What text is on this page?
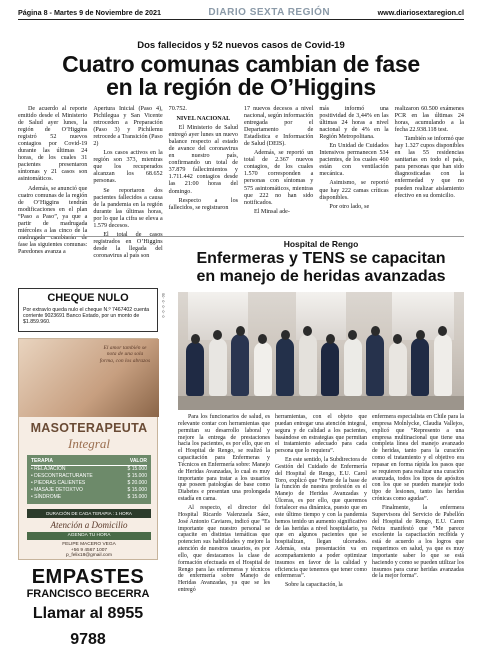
Página 8 - Martes 9 de Noviembre de 2021	DIARIO SEXTA REGIÓN	www.diariosextaregion.cl
Dos fallecidos y 52 nuevos casos de Covid-19
Cuatro comunas cambian de fase
en la región de O’Higgins

De acuerdo al reporte emitido desde el Ministerio de Salud ayer lunes, la región de O’Higgins registró 52 nuevos contagios por Covid-19 durante las últimas 24 horas, de los cuales 31 pacientes presentaron síntomas y 21 casos son asintomáticos.

Además, se anunció que cuatro comunas de la región de O’Higgins tendrán modificaciones en el plan “Paso a Paso”, ya que a partir de madrugada miércoles a las cinco de la madrugada cambiarán de fase las siguientes comunas: Paredones avanza a

Apertura Inicial (Paso 4), Pichilegua y San Vicente retroceden a Preparación (Paso 3) y Pichilemu retrocede a Transición (Paso 2)

Los casos activos en la región son 373, mientras que los recuperados alcanzan los 68.652 personas.

Se reportaron dos pacientes fallecidos a causa de la pandemia en la región durante las últimas horas, por lo que la cifra se eleva a 1.579 decesos.

El total de casos registrados en O’Higgins desde la llegada del coronavirus al país son

70.752.

NIVEL NACIONAL

El Ministerio de Salud entregó ayer lunes un nuevo balance respecto al estado de avance del coronavirus en nuestro país, confirmando un total de 37.879 fallecimientos y 1.711.442 contagios desde las 21:00 horas del domingo.

Respecto a los fallecidos, se registraron

17 nuevos decesos a nivel nacional, según información entregada por el Departamento de Estadística e Información de Salud (DEIS).

Además, se reportó un total de 2.367 nuevos contagios, de los cuales 1.570 corresponden a personas con síntomas y 575 asintomáticos, mientras que 222 no han sido notificados.

El Minsal ade-

más informó una positividad de 3,44% en las últimas 24 horas a nivel nacional y de 4% en la Región Metropolitana.

En Unidad de Cuidados Intensivos permanecen 534 pacientes, de los cuales 460 están con ventilación mecánica.

Asimismo, se reportó que hay 222 camas críticas disponibles.

Por otro lado, se

realizaron 60.500 exámenes PCR en las últimas 24 horas, acumulando a la fecha 22.938.118 test.

También se informó que hay 1.327 cupos disponibles en las 55 residencias sanitarias en todo el país, para personas que han sido diagnosticadas con la enfermedad y que no pueden realizar aislamiento efectivo en su domicilio.

Hospital de Rengo
Enfermeras y TENS se capacitan
en manejo de heridas avanzadas

Para los funcionarios de salud, es relevante contar con herramientas que permitan su desarrollo laboral y mejore la entrega de prestaciones hacia los pacientes, es por ello, que en el Hospital de Rengo, se realizó la capacitación para Enfermeras y Técnicos en Enfermería sobre: Manejo de Heridas Avanzadas, lo cual es muy importante para tratar a los usuarios que poseen patologías de base como Diabetes e presentan una prolongada estadía en cama.

Al respecto, el director del Hospital Ricardo Valenzuela Sáez, José Antonio Caviares, indicó que “Es importante que nuestro personal se capacite en distintas temáticas que potencien sus habilidades y mejore la atención de nuestros usuarios, es por ello, que destacamos la clase de formación efectuada en el Hospital de Rengo para las enfermeras y técnicos de enfermería sobre Manejo de Heridas Avanzadas, ya que se les entregó

herramientas, con el objeto que puedan entregar una atención integral, segura y de calidad a los pacientes, basándose en estrategias que permitan el tratamiento adecuado para cada persona que lo requiera”.

En este sentido, la Subdirectora de Gestión del Cuidado de Enfermería del Hospital de Rengo, E.U. Carol Toro, explicó que “Parte de la base de la función de nuestra profesión es el Manejo de Heridas Avanzadas y Úlceras, es por ello, que queremos fortalecer esa dinámica, puesto que en este último tiempo y con la pandemia hemos tenido un aumento significativo de las heridas a nivel hospitalario, ya que en algunos pacientes que se hospitalizan, llegan ulcerados. Además, esta presentación va en acompañamiento a poder optimizar insumos en favor de la calidad y eficiencia que tenemos que tener como enfermeras”.

Sobre la capacitación, la

enfermera especialista en Chile para la empresa Molnlycke, Claudia Vallejos, explicó que “Represento a una empresa multinacional que tiene una completa línea del manejo avanzado de heridas, tanto para la curación como el tratamiento y el objetivo era repasar en forma rápida los pasos que se requieren para realizar una curación avanzada, todos los tipos de apósitos con los que se pueden manejar todo tipo de lesiones, tanto las heridas crónicas como agudas”.

Finalmente, la enfermera Supervisora del Servicio de Pabellón del Hospital de Rengo, E.U. Caren Neira manifestó que “Me parece excelente la capacitación recibida y está de acuerdo a los logros que requerimos en salud, ya que es muy importante saber lo que se está haciendo y como se pueden utilizar los insumos para curar heridas avanzadas de la mejor forma”.

CHEQUE NULO
Por extravío queda nulo el cheque N.º 7467402 cuenta corriente 9023691 Banco Estado, por un monto de $1.859.960.
S0 · 0 · 0 · 0 · 0
El amor también se nota de una sola forma, con los abrazos
MASOTERAPEUTA
Integral
TERAPIA	VALOR
• RELAJACIÓN	$ 15.000
• DESCONTRACTURANTE	$ 15.000
• PIEDRAS CALIENTES	$ 20.000
• MASAJE DETOXTVO	$ 15.000
• SÍNDROME	$ 15.000
DURACIÓN DE CADA TERAPIA : 1 HORA
Atención a Domicilio
AGENDA TU HORA
FELIPE MACERO VEGA
+56 9 4567 1007
p_felix18@gmail.com
EMPASTES
FRANCISCO BECERRA
Llamar al 8955 9788
